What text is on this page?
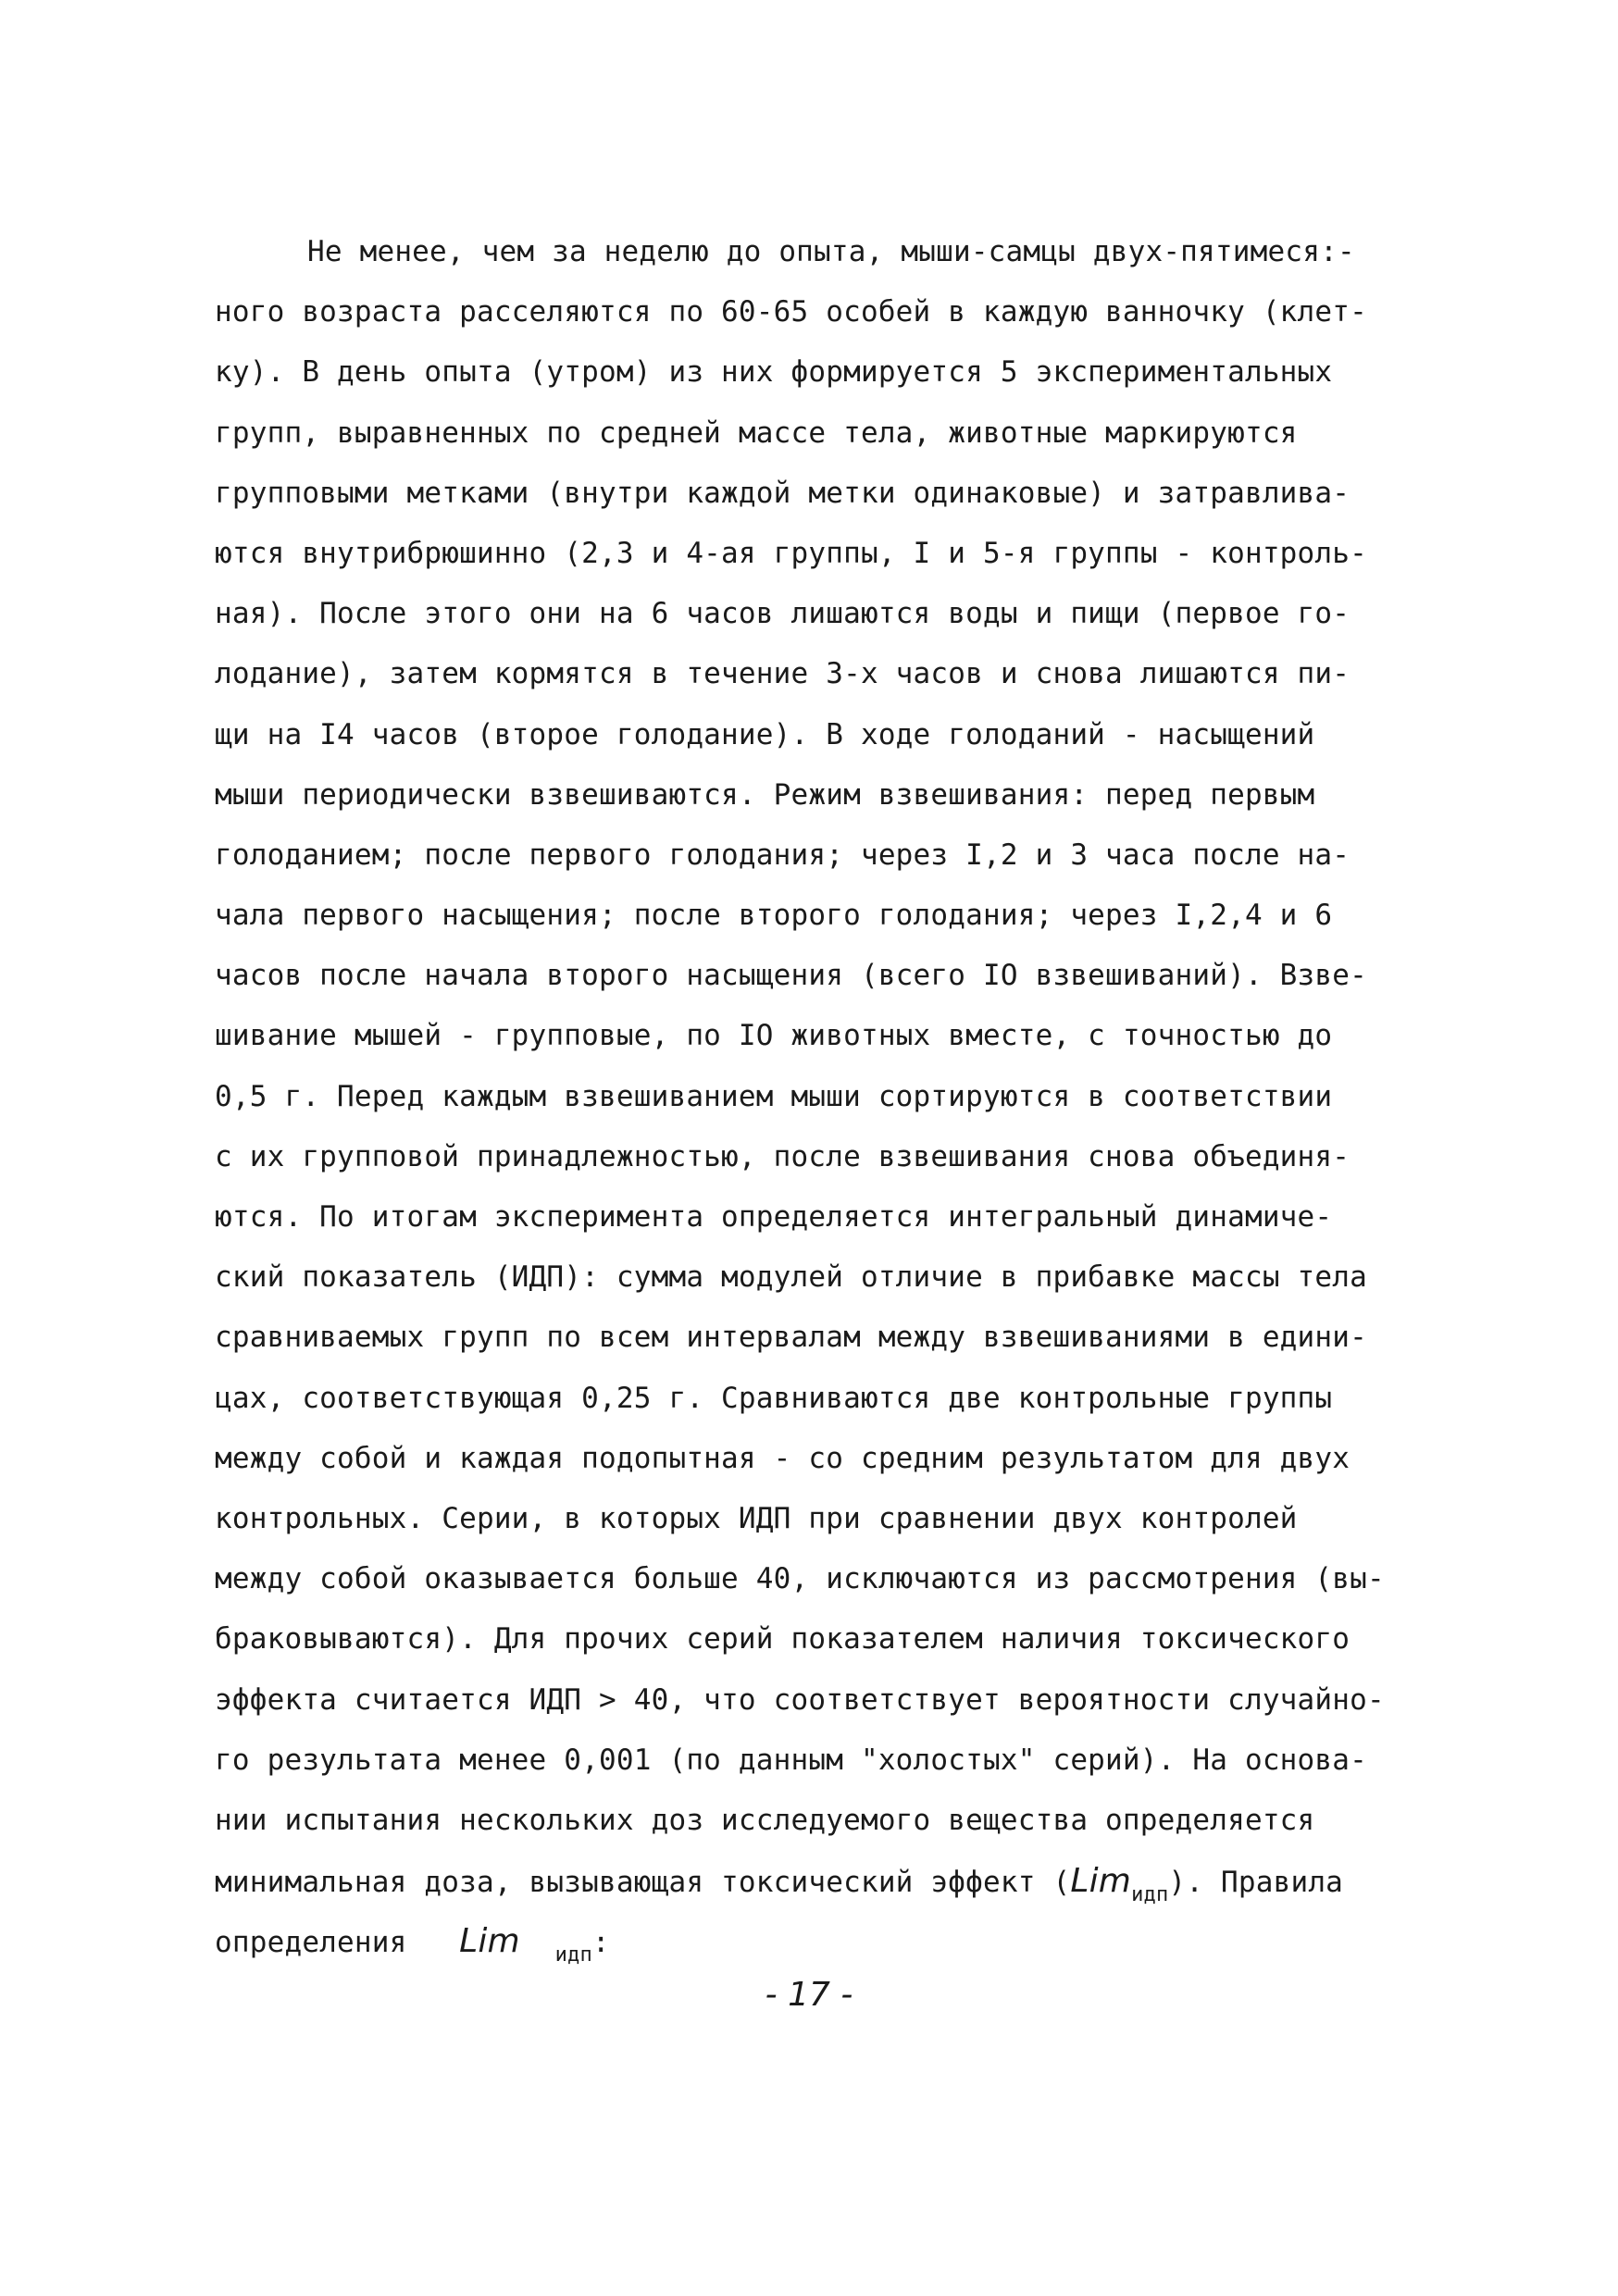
Не менее, чем за неделю до опыта, мыши-самцы двух-пятимеся:-
ного возраста расселяются по 60-65 особей в каждую ванночку (клет-
ку). В день опыта (утром) из них формируется 5 экспериментальных
групп, выравненных по средней массе тела, животные маркируются
групповыми метками (внутри каждой метки одинаковые) и затравлива-
ются внутрибрюшинно (2,3 и 4-ая группы, I и 5-я группы - контроль-
ная). После этого они на 6 часов лишаются воды и пищи (первое го-
лодание), затем кормятся в течение 3-х часов и снова лишаются пи-
щи на I4 часов (второе голодание). В ходе голоданий - насыщений
мыши периодически взвешиваются. Режим взвешивания: перед первым
голоданием; после первого голодания; через I,2 и 3 часа после на-
чала первого насыщения; после второго голодания; через I,2,4 и 6
часов после начала второго насыщения (всего IО взвешиваний). Взве-
шивание мышей - групповые, по IО животных вместе, с точностью до
0,5 г. Перед каждым взвешиванием мыши сортируются в соответствии
с их групповой принадлежностью, после взвешивания снова объединя-
ются. По итогам эксперимента определяется интегральный динамиче-
ский показатель (ИДП): сумма модулей отличие в прибавке массы тела
сравниваемых групп по всем интервалам между взвешиваниями в едини-
цах, соответствующая 0,25 г. Сравниваются две контрольные группы
между собой и каждая подопытная - со средним результатом для двух
контрольных. Серии, в которых ИДП при сравнении двух контролей
между собой оказывается больше 40, исключаются из рассмотрения (вы-
браковываются). Для прочих серий показателем наличия токсического
эффекта считается ИДП > 40, что соответствует вероятности случайно-
го результата менее 0,001 (по данным "холостых" серий). На основа-
нии испытания нескольких доз исследуемого вещества определяется
минимальная доза, вызывающая токсический эффект (Lim$_{идп}$). Правила
определения Lim $_{идп}$:
- 17 -
